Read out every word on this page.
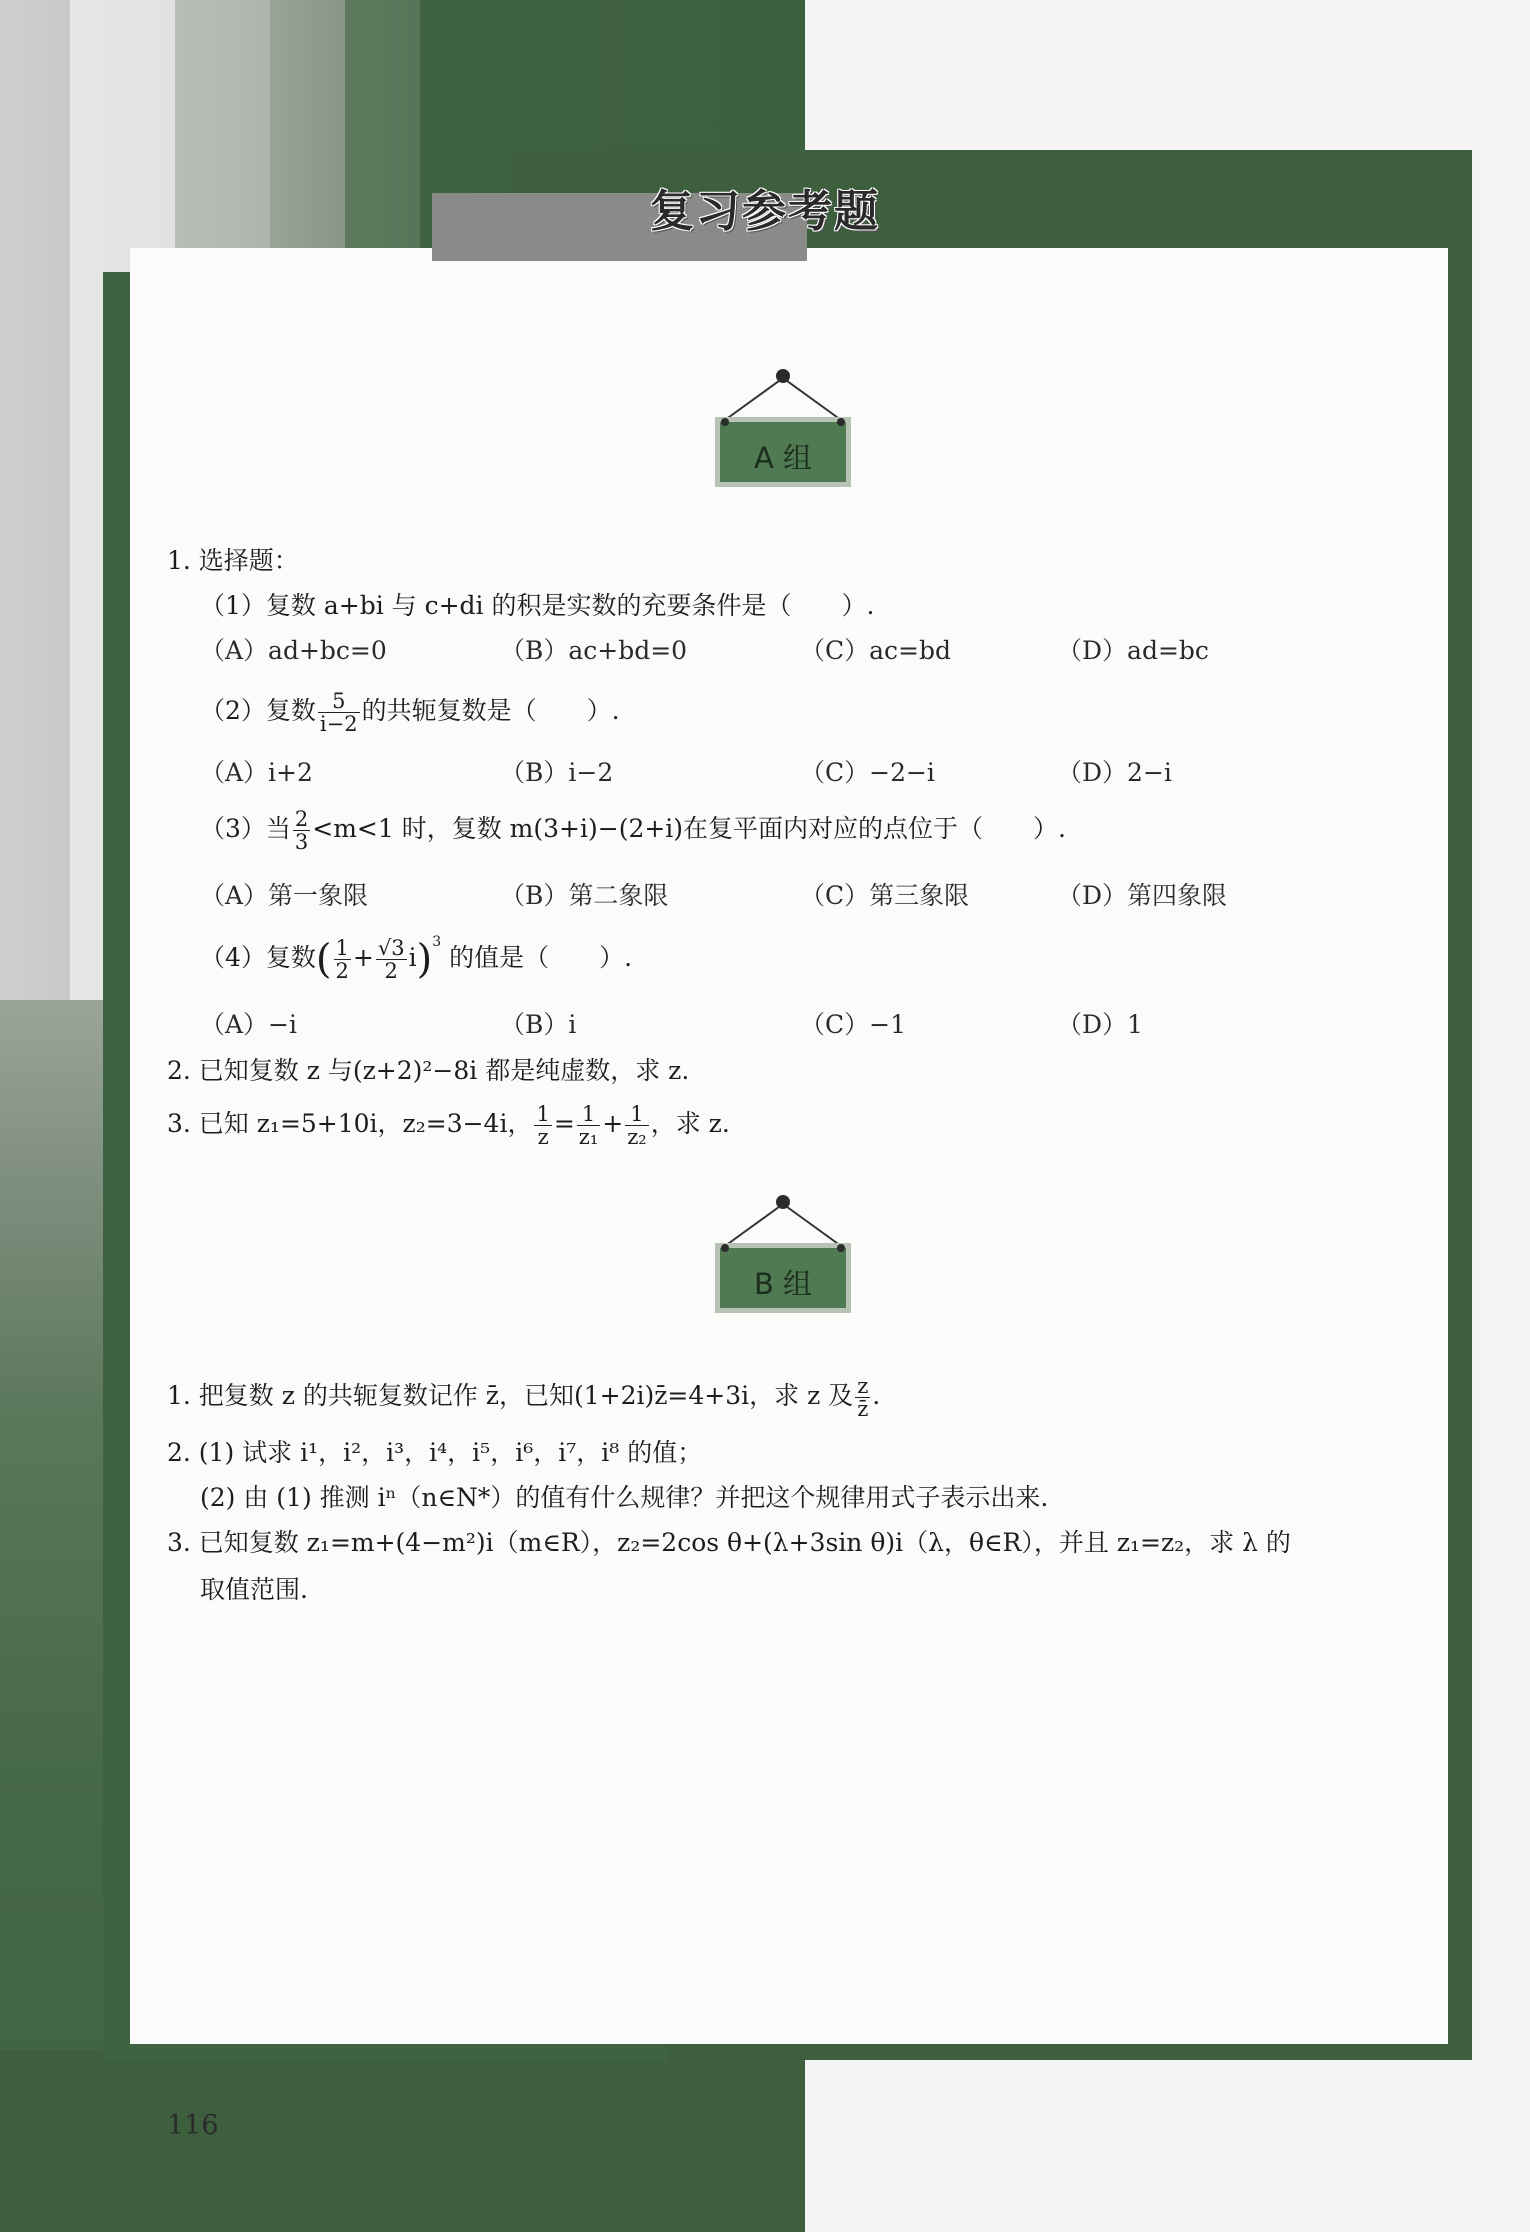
复习参考题
A 组
1. 选择题：
（1）复数 a+bi 与 c+di 的积是实数的充要条件是（　　）.
（A）ad+bc=0	（B）ac+bd=0	（C）ac=bd	（D）ad=bc
（2）复数 $\frac{5}{i-2}$ 的共轭复数是（　　）.
（A）i+2	（B）i−2	（C）−2−i	（D）2−i
（3）当 $\frac{2}{3} <m<1$ 时，复数 m(3+i)−(2+i)在复平面内对应的点位于（　　）.
（A）第一象限	（B）第二象限	（C）第三象限	（D）第四象限
（4）复数( $\frac{1}{2} + \frac{√3}{2} i)^3$ 的值是（　　）.
（A）−i	（B）i	（C）−1	（D）1
2. 已知复数 z 与(z+2)²−8i 都是纯虚数，求 z.
3. 已知 z₁=5+10i，z₂=3−4i， $\frac{1}{z} = \frac{1}{\text{z₁}} + \frac{1}{\text{z₂}}$ ，求 z.
B 组
1. 把复数 z 的共轭复数记作 z̄，已知(1+2i)z̄=4+3i，求 z 及 $\frac{z}{z̄}$ .
2. (1) 试求 i¹，i²，i³，i⁴，i⁵，i⁶，i⁷，i⁸ 的值；
(2) 由 (1) 推测 iⁿ（n∈N*）的值有什么规律？并把这个规律用式子表示出来.
3. 已知复数 z₁=m+(4−m²)i（m∈R），z₂=2cos θ+(λ+3sin θ)i（λ，θ∈R），并且 z₁=z₂，求 λ 的
取值范围.
116
